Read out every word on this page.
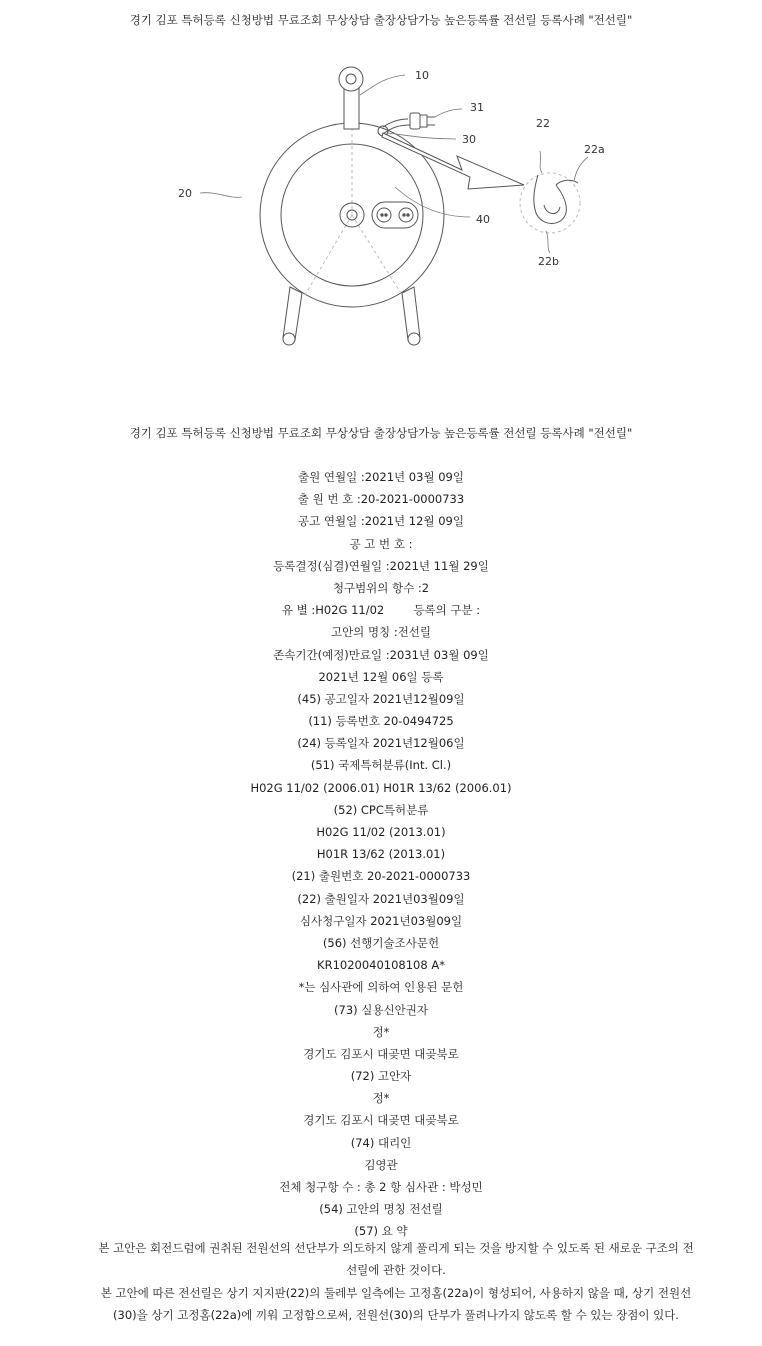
경기 김포 특허등록 신청방법 무료조회 무상상담 출장상담가능 높은등록률 전선릴 등록사례 "전선릴"
10
31
30
20
40
22
22a
22b
경기 김포 특허등록 신청방법 무료조회 무상상담 출장상담가능 높은등록률 전선릴 등록사례 "전선릴"
출원 연월일 :2021년 03월 09일
출 원 번 호 :20-2021-0000733
공고 연월일 :2021년 12월 09일
공 고 번 호 :
등록결정(심결)연월일 :2021년 11월 29일
청구범위의 항수 :2
유 별 :H02G 11/02        등록의 구분 :
고안의 명칭 :전선릴
존속기간(예정)만료일 :2031년 03월 09일
2021년 12월 06일 등록
(45) 공고일자 2021년12월09일
(11) 등록번호 20-0494725
(24) 등록일자 2021년12월06일
(51) 국제특허분류(Int. Cl.)
H02G 11/02 (2006.01) H01R 13/62 (2006.01)
(52) CPC특허분류
H02G 11/02 (2013.01)
H01R 13/62 (2013.01)
(21) 출원번호 20-2021-0000733
(22) 출원일자 2021년03월09일
심사청구일자 2021년03월09일
(56) 선행기술조사문헌
KR1020040108108 A*
*는 심사관에 의하여 인용된 문헌
(73) 실용신안권자
정*
경기도 김포시 대곶면 대곶북로
(72) 고안자
정*
경기도 김포시 대곶면 대곶북로
(74) 대리인
김영관
전체 청구항 수 : 총 2 항 심사관 : 박성민
(54) 고안의 명칭 전선릴
(57) 요 약

본 고안은 회전드럼에 권취된 전원선의 선단부가 의도하지 않게 풀리게 되는 것을 방지할 수 있도록 된 새로운 구조의 전선릴에 관한 것이다.

본 고안에 따른 전선릴은 상기 지지판(22)의 둘레부 일측에는 고정홈(22a)이 형성되어, 사용하지 않을 때, 상기 전원선(30)을 상기 고정홈(22a)에 끼워 고정함으로써, 전원선(30)의 단부가 풀려나가지 않도록 할 수 있는 장점이 있다.
